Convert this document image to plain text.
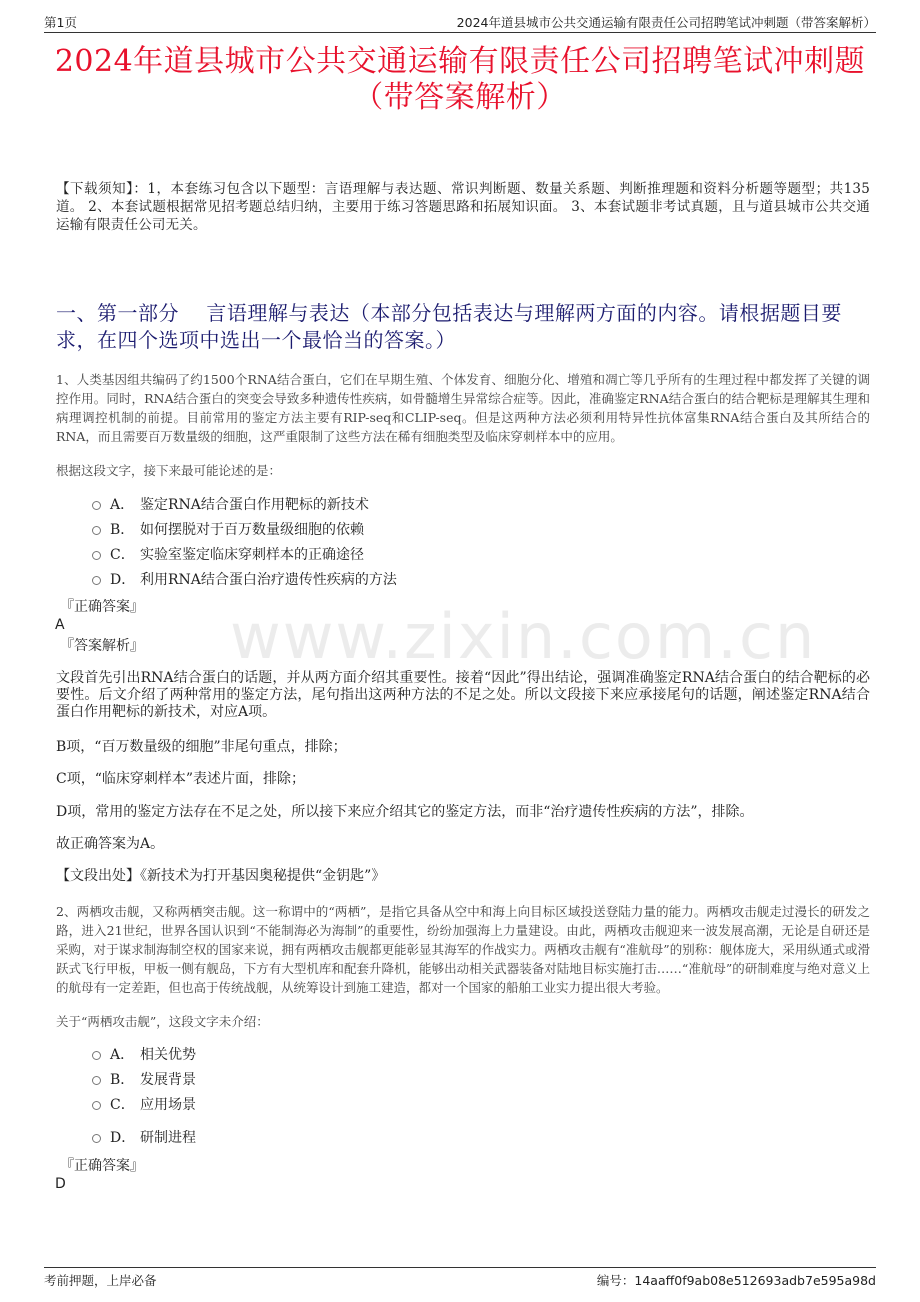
第1页	2024年道县城市公共交通运输有限责任公司招聘笔试冲刺题（带答案解析）
2024年道县城市公共交通运输有限责任公司招聘笔试冲刺题
（带答案解析）
【下载须知】：1，本套练习包含以下题型：言语理解与表达题、常识判断题、数量关系题、判断推理题和资料分析题等题型；共135道。 2、本套试题根据常见招考题总结归纳，主要用于练习答题思路和拓展知识面。 3、本套试题非考试真题，且与道县城市公共交通运输有限责任公司无关。
一、第一部分　 言语理解与表达（本部分包括表达与理解两方面的内容。请根据题目要求，在四个选项中选出一个最恰当的答案。）
www.zixin.com.cn
1、人类基因组共编码了约1500个RNA结合蛋白，它们在早期生殖、个体发育、细胞分化、增殖和凋亡等几乎所有的生理过程中都发挥了关键的调控作用。同时，RNA结合蛋白的突变会导致多种遗传性疾病，如骨髓增生异常综合症等。因此，准确鉴定RNA结合蛋白的结合靶标是理解其生理和病理调控机制的前提。目前常用的鉴定方法主要有RIP-seq和CLIP-seq。但是这两种方法必须利用特异性抗体富集RNA结合蛋白及其所结合的RNA，而且需要百万数量级的细胞，这严重限制了这些方法在稀有细胞类型及临床穿刺样本中的应用。
根据这段文字，接下来最可能论述的是：
A． 鉴定RNA结合蛋白作用靶标的新技术
B． 如何摆脱对于百万数量级细胞的依赖
C． 实验室鉴定临床穿刺样本的正确途径
D． 利用RNA结合蛋白治疗遗传性疾病的方法
『正确答案』
A
『答案解析』
文段首先引出RNA结合蛋白的话题，并从两方面介绍其重要性。接着“因此”得出结论，强调准确鉴定RNA结合蛋白的结合靶标的必要性。后文介绍了两种常用的鉴定方法，尾句指出这两种方法的不足之处。所以文段接下来应承接尾句的话题，阐述鉴定RNA结合蛋白作用靶标的新技术，对应A项。
B项，“百万数量级的细胞”非尾句重点，排除；
C项，“临床穿刺样本”表述片面，排除；
D项，常用的鉴定方法存在不足之处，所以接下来应介绍其它的鉴定方法，而非“治疗遗传性疾病的方法”，排除。
故正确答案为A。
【文段出处】《新技术为打开基因奥秘提供“金钥匙”》
2、两栖攻击舰，又称两栖突击舰。这一称谓中的“两栖”，是指它具备从空中和海上向目标区域投送登陆力量的能力。两栖攻击舰走过漫长的研发之路，进入21世纪，世界各国认识到“不能制海必为海制”的重要性，纷纷加强海上力量建设。由此，两栖攻击舰迎来一波发展高潮，无论是自研还是采购，对于谋求制海制空权的国家来说，拥有两栖攻击舰都更能彰显其海军的作战实力。两栖攻击舰有“准航母”的别称：舰体庞大，采用纵通式或滑跃式飞行甲板，甲板一侧有舰岛，下方有大型机库和配套升降机，能够出动相关武器装备对陆地目标实施打击……“准航母”的研制难度与绝对意义上的航母有一定差距，但也高于传统战舰，从统筹设计到施工建造，都对一个国家的船舶工业实力提出很大考验。
关于“两栖攻击舰”，这段文字未介绍：
A． 相关优势
B． 发展背景
C． 应用场景
D． 研制进程
『正确答案』
D
考前押题，上岸必备	编号：14aaff0f9ab08e512693adb7e595a98d
